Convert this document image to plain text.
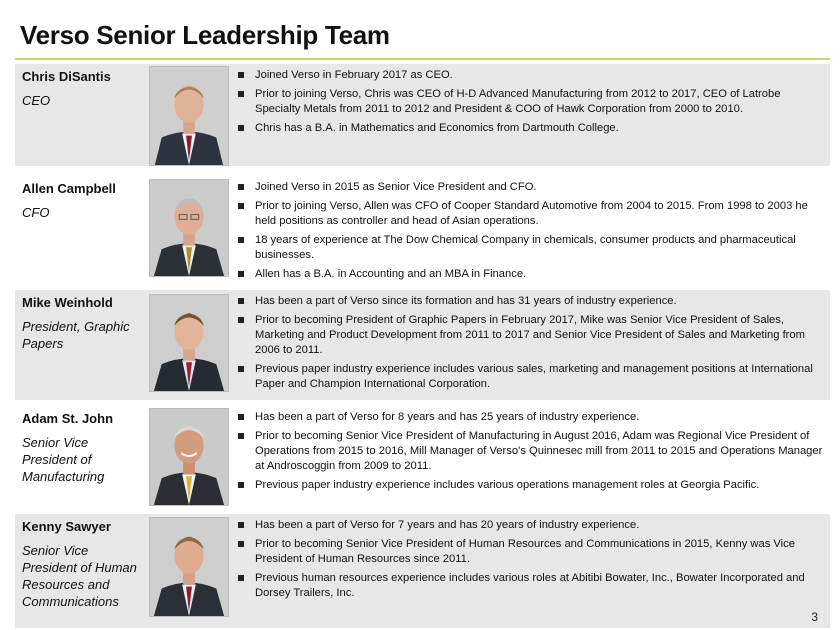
Verso Senior Leadership Team
Chris DiSantis
CEO
Joined Verso in February 2017 as CEO.
Prior to joining Verso, Chris was CEO of H-D Advanced Manufacturing from 2012 to 2017, CEO of Latrobe Specialty Metals from 2011 to 2012 and President & COO of Hawk Corporation from 2000 to 2010.
Chris has a B.A. in Mathematics and Economics from Dartmouth College.
Allen Campbell
CFO
Joined Verso in 2015 as Senior Vice President and CFO.
Prior to joining Verso, Allen was CFO of Cooper Standard Automotive from 2004 to 2015. From 1998 to 2003 he held positions as controller and head of Asian operations.
18 years of experience at The Dow Chemical Company in chemicals, consumer products and pharmaceutical businesses.
Allen has a B.A. in Accounting and an MBA in Finance.
Mike Weinhold
President, Graphic Papers
Has been a part of Verso since its formation and has 31 years of industry experience.
Prior to becoming President of Graphic Papers in February 2017, Mike was Senior Vice President of Sales, Marketing and Product Development from 2011 to 2017 and Senior Vice President of Sales and Marketing from 2006 to 2011.
Previous paper industry experience includes various sales, marketing and management positions at International Paper and Champion International Corporation.
Adam St. John
Senior Vice President of Manufacturing
Has been a part of Verso for 8 years and has 25 years of industry experience.
Prior to becoming Senior Vice President of Manufacturing in August 2016, Adam was Regional Vice President of Operations from 2015 to 2016, Mill Manager of Verso’s Quinnesec mill from 2011 to 2015 and Operations Manager at Androscoggin from 2009 to 2011.
Previous paper industry experience includes various operations management roles at Georgia Pacific.
Kenny Sawyer
Senior Vice President of Human Resources and Communications
Has been a part of Verso for 7 years and has 20 years of industry experience.
Prior to becoming Senior Vice President of Human Resources and Communications in 2015, Kenny was Vice President of Human Resources since 2011.
Previous human resources experience includes various roles at Abitibi Bowater, Inc., Bowater Incorporated and Dorsey Trailers, Inc.
3
